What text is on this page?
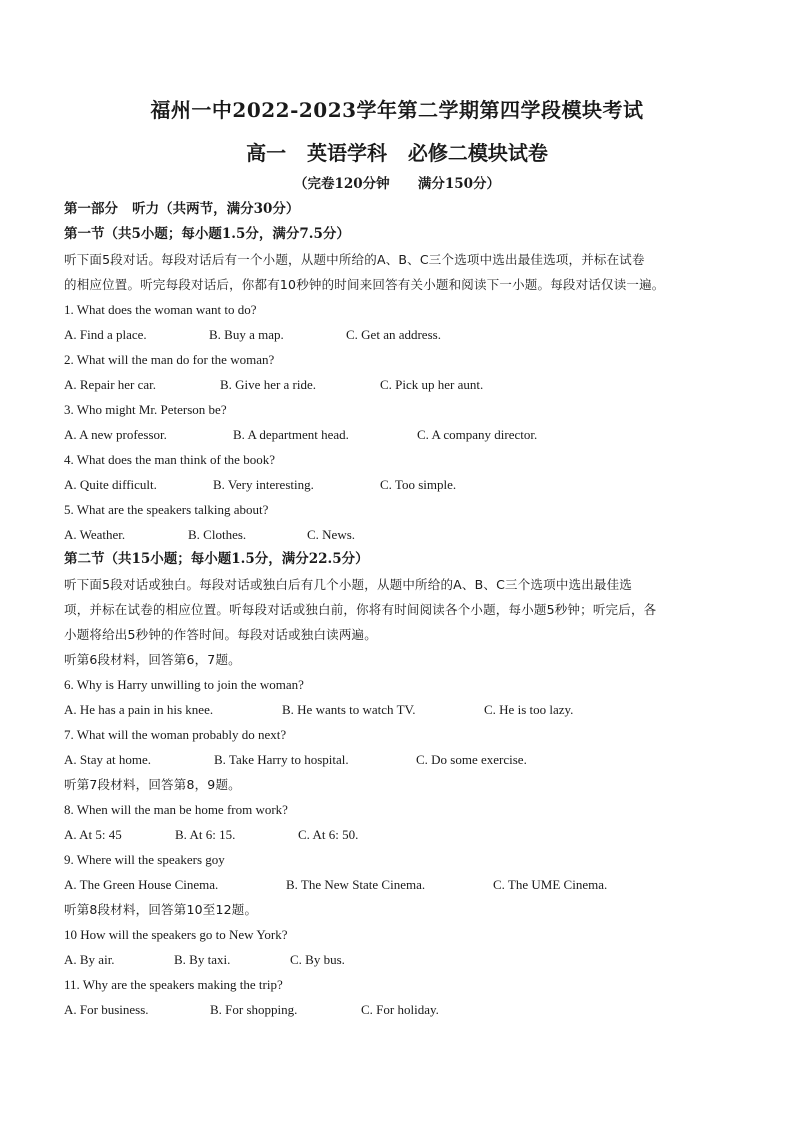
福州一中2022-2023学年第二学期第四学段模块考试
高一   英语学科   必修二模块试卷
（完卷120分钟      满分150分）
第一部分   听力（共两节，满分30分）
第一节（共5小题；每小题1.5分，满分7.5分）
听下面5段对话。每段对话后有一个小题，从题中所给的A、B、C三个选项中选出最佳选项，并标在试卷
的相应位置。听完每段对话后，你都有10秒钟的时间来回答有关小题和阅读下一小题。每段对话仅读一遍。
1. What does the woman want to do?
A. Find a place.	B. Buy a map.	C. Get an address.
2. What will the man do for the woman?
A. Repair her car.	B. Give her a ride.	C. Pick up her aunt.
3. Who might Mr. Peterson be?
A. A new professor.	B. A department head.	C. A company director.
4. What does the man think of the book?
A. Quite difficult.	B. Very interesting.	C. Too simple.
5. What are the speakers talking about?
A. Weather.	B. Clothes.	C. News.
第二节（共15小题；每小题1.5分，满分22.5分）
听下面5段对话或独白。每段对话或独白后有几个小题，从题中所给的A、B、C三个选项中选出最佳选
项，并标在试卷的相应位置。听每段对话或独白前，你将有时间阅读各个小题，每小题5秒钟；听完后，各
小题将给出5秒钟的作答时间。每段对话或独白读两遍。
听第6段材料，回答第6，7题。
6. Why is Harry unwilling to join the woman?
A. He has a pain in his knee.	B. He wants to watch TV.	C. He is too lazy.
7. What will the woman probably do next?
A. Stay at home.	B. Take Harry to hospital.	C. Do some exercise.
听第7段材料，回答第8，9题。
8. When will the man be home from work?
A. At 5: 45	B. At 6: 15.	C. At 6: 50.
9. Where will the speakers goy
A. The Green House Cinema.	B. The New State Cinema.	C. The UME Cinema.
听第8段材料，回答第10至12题。
10 How will the speakers go to New York?
A. By air.	B. By taxi.	C. By bus.
11. Why are the speakers making the trip?
A. For business.	B. For shopping.	C. For holiday.
